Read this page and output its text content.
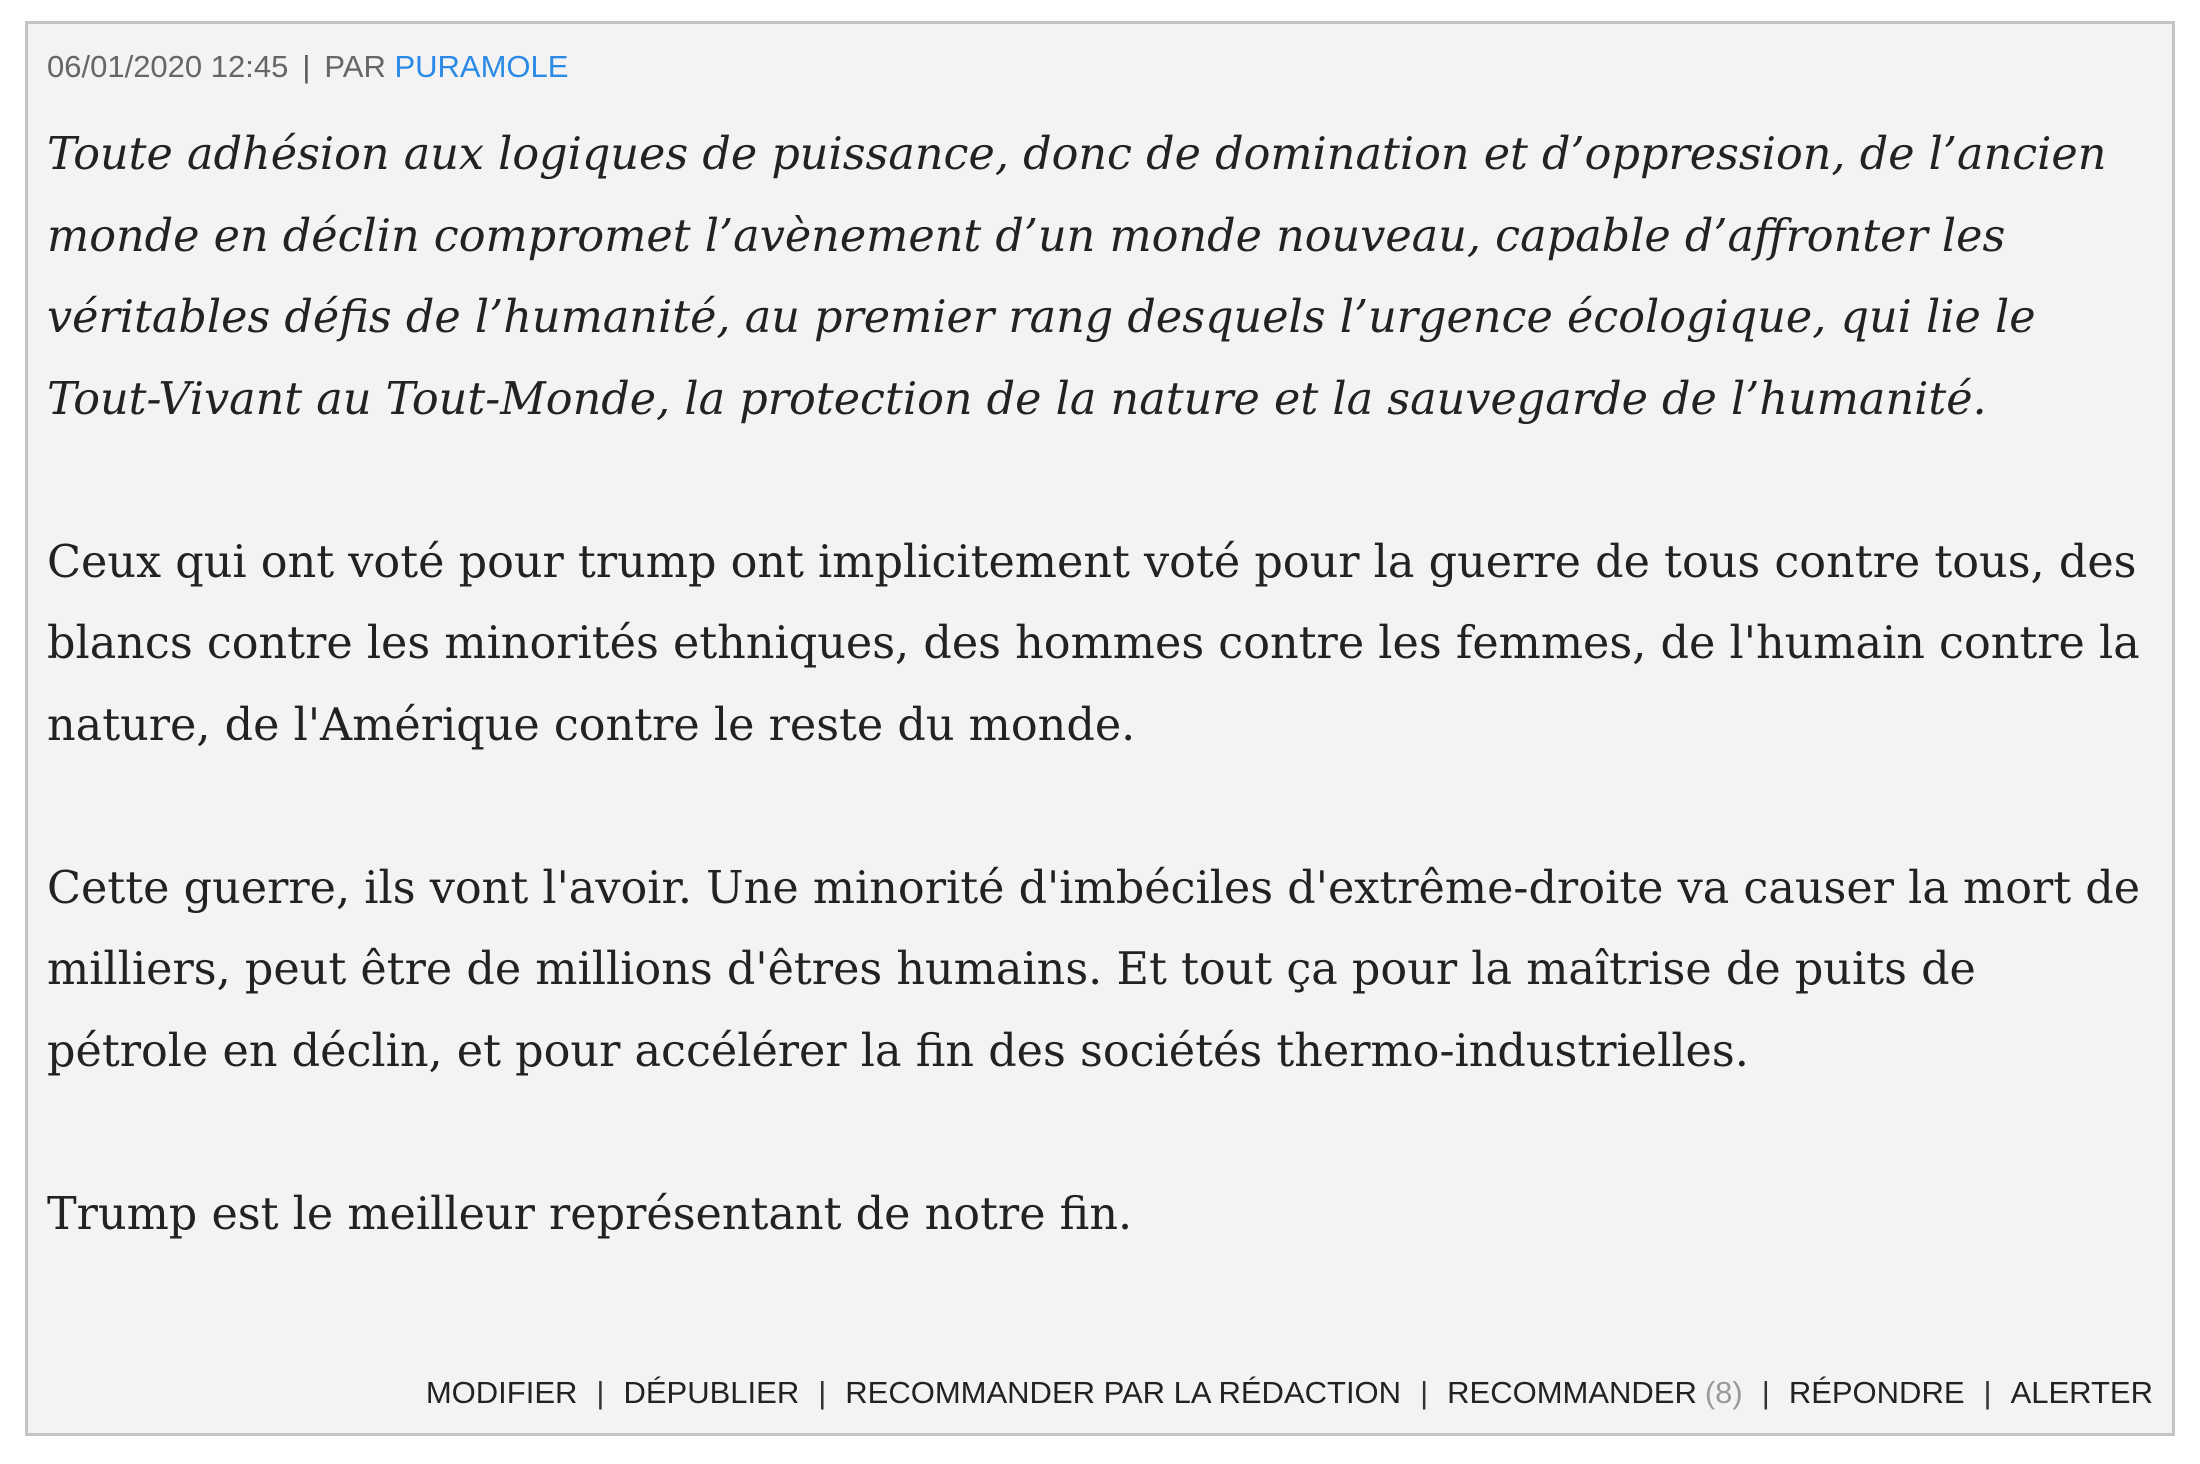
06/01/2020 12:45 | PAR PURAMOLE

Toute adhésion aux logiques de puissance, donc de domination et d’oppression, de l’ancien monde en déclin compromet l’avènement d’un monde nouveau, capable d’affronter les véritables défis de l’humanité, au premier rang desquels l’urgence écologique, qui lie le Tout-Vivant au Tout-Monde, la protection de la nature et la sauvegarde de l’humanité.

Ceux qui ont voté pour trump ont implicitement voté pour la guerre de tous contre tous, des blancs contre les minorités ethniques, des hommes contre les femmes, de l'humain contre la nature, de l'Amérique contre le reste du monde.

Cette guerre, ils vont l'avoir. Une minorité d'imbéciles d'extrême-droite va causer la mort de milliers, peut être de millions d'êtres humains. Et tout ça pour la maîtrise de puits de pétrole en déclin, et pour accélérer la fin des sociétés thermo-industrielles.

Trump est le meilleur représentant de notre fin.

MODIFIER | DÉPUBLIER | RECOMMANDER PAR LA RÉDACTION | RECOMMANDER (8) | RÉPONDRE | ALERTER
